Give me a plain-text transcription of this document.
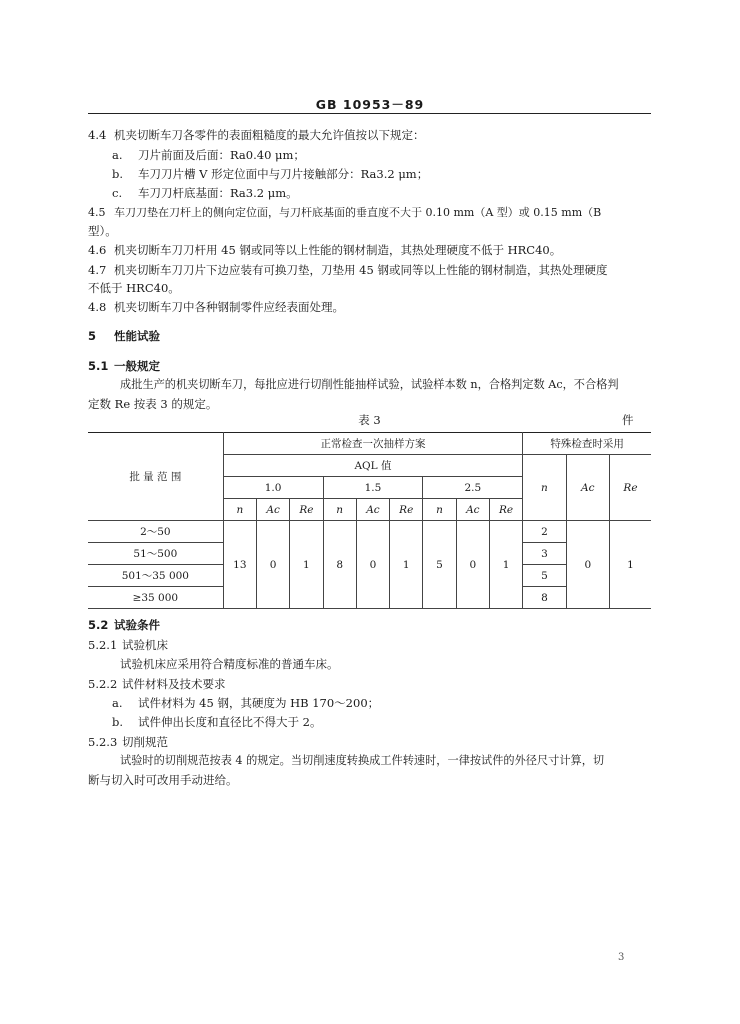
GB 10953－89
4.4 机夹切断车刀各零件的表面粗糙度的最大允许值按以下规定：
a. 刀片前面及后面：Ra0.40 μm；
b. 车刀刀片槽 V 形定位面中与刀片接触部分：Ra3.2 μm；
c. 车刀刀杆底基面：Ra3.2 μm。
4.5 车刀刀垫在刀杆上的侧向定位面，与刀杆底基面的垂直度不大于 0.10 mm（A 型）或 0.15 mm（B
型）。
4.6 机夹切断车刀刀杆用 45 钢或同等以上性能的钢材制造，其热处理硬度不低于 HRC40。
4.7 机夹切断车刀刀片下边应装有可换刀垫，刀垫用 45 钢或同等以上性能的钢材制造，其热处理硬度
不低于 HRC40。
4.8 机夹切断车刀中各种钢制零件应经表面处理。
5 性能试验
5.1 一般规定
成批生产的机夹切断车刀，每批应进行切削性能抽样试验，试验样本数 n，合格判定数 Ac，不合格判
定数 Re 按表 3 的规定。
表 3	件
批 量 范 围	正常检查一次抽样方案									特殊检查时采用		
	AQL 值									n	Ac	Re
	1.0			1.5			2.5					
	n	Ac	Re	n	Ac	Re	n	Ac	Re			
2～50	13	0	1	8	0	1	5	0	1	2	0	1
51～500										3		
501～35 000										5		
≥35 000										8		
5.2 试验条件
5.2.1 试验机床
试验机床应采用符合精度标准的普通车床。
5.2.2 试件材料及技术要求
a. 试件材料为 45 钢，其硬度为 HB 170～200；
b. 试件伸出长度和直径比不得大于 2。
5.2.3 切削规范
试验时的切削规范按表 4 的规定。当切削速度转换成工件转速时，一律按试件的外径尺寸计算，切
断与切入时可改用手动进给。
3
